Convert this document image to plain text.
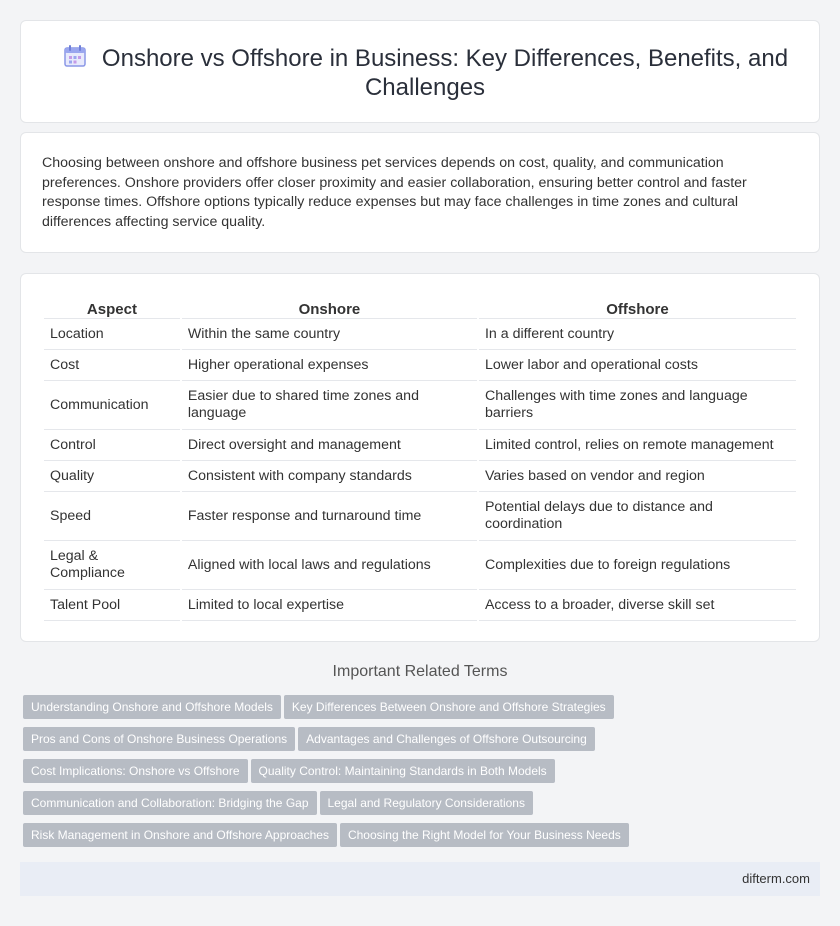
Onshore vs Offshore in Business: Key Differences, Benefits, and Challenges

Choosing between onshore and offshore business pet services depends on cost, quality, and communication preferences. Onshore providers offer closer proximity and easier collaboration, ensuring better control and faster response times. Offshore options typically reduce expenses but may face challenges in time zones and cultural differences affecting service quality.

Aspect	Onshore	Offshore
Location	Within the same country	In a different country
Cost	Higher operational expenses	Lower labor and operational costs
Communication	Easier due to shared time zones and language	Challenges with time zones and language barriers
Control	Direct oversight and management	Limited control, relies on remote management
Quality	Consistent with company standards	Varies based on vendor and region
Speed	Faster response and turnaround time	Potential delays due to distance and coordination
Legal & Compliance	Aligned with local laws and regulations	Complexities due to foreign regulations
Talent Pool	Limited to local expertise	Access to a broader, diverse skill set
Important Related Terms
Understanding Onshore and Offshore Models Key Differences Between Onshore and Offshore Strategies
Pros and Cons of Onshore Business Operations Advantages and Challenges of Offshore Outsourcing
Cost Implications: Onshore vs Offshore Quality Control: Maintaining Standards in Both Models
Communication and Collaboration: Bridging the Gap Legal and Regulatory Considerations
Risk Management in Onshore and Offshore Approaches Choosing the Right Model for Your Business Needs
difterm.com
